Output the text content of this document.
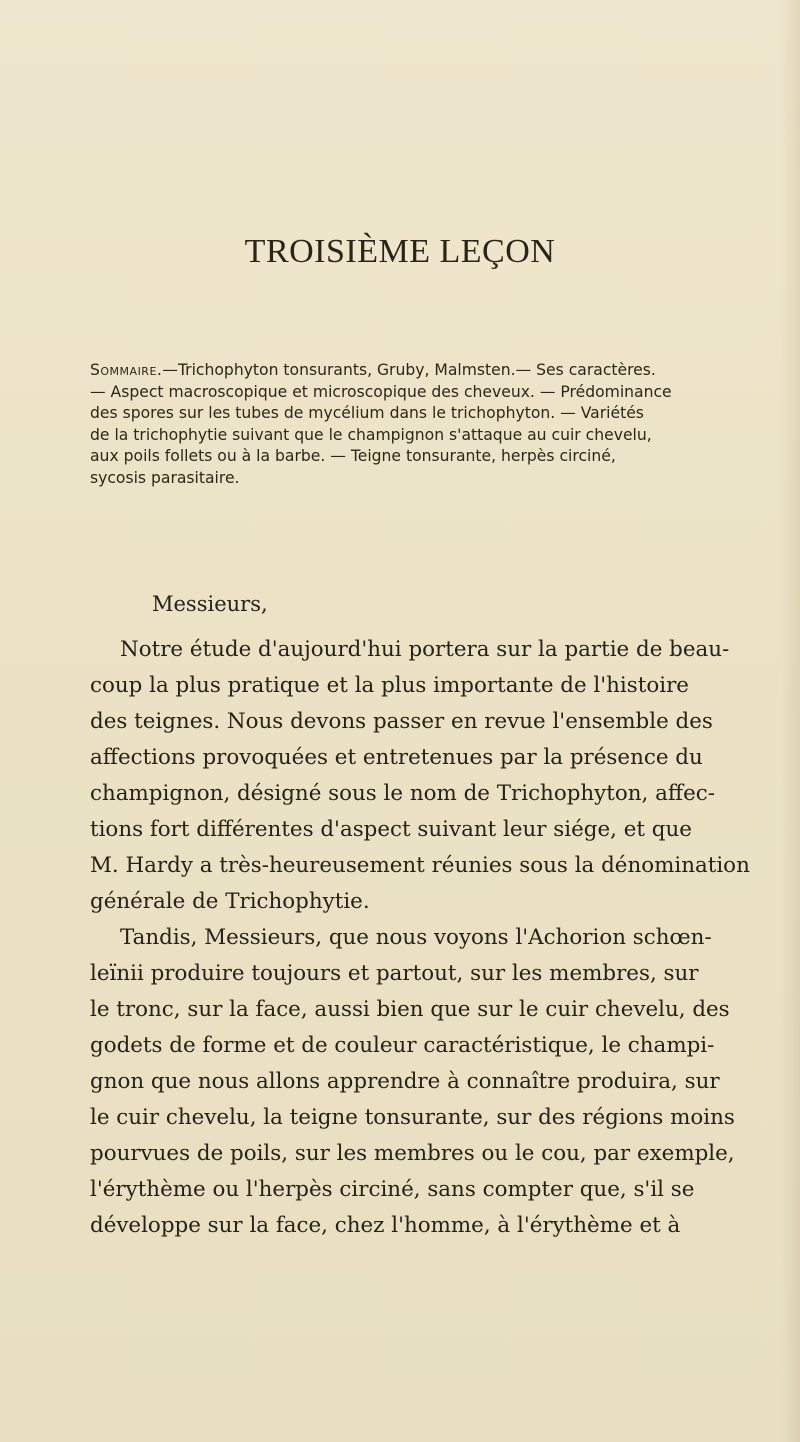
TROISIÈME LEÇON
Sommaire.—Trichophyton tonsurants, Gruby, Malmsten.— Ses caractères.
— Aspect macroscopique et microscopique des cheveux. — Prédominance
des spores sur les tubes de mycélium dans le trichophyton. — Variétés
de la trichophytie suivant que le champignon s'attaque au cuir chevelu,
aux poils follets ou à la barbe. — Teigne tonsurante, herpès circiné,
sycosis parasitaire.
Messieurs,
Notre étude d'aujourd'hui portera sur la partie de beau-
coup la plus pratique et la plus importante de l'histoire
des teignes. Nous devons passer en revue l'ensemble des
affections provoquées et entretenues par la présence du
champignon, désigné sous le nom de Trichophyton, affec-
tions fort différentes d'aspect suivant leur siége, et que
M. Hardy a très-heureusement réunies sous la dénomination
générale de Trichophytie.
Tandis, Messieurs, que nous voyons l'Achorion schœn-
leïnii produire toujours et partout, sur les membres, sur
le tronc, sur la face, aussi bien que sur le cuir chevelu, des
godets de forme et de couleur caractéristique, le champi-
gnon que nous allons apprendre à connaître produira, sur
le cuir chevelu, la teigne tonsurante, sur des régions moins
pourvues de poils, sur les membres ou le cou, par exemple,
l'érythème ou l'herpès circiné, sans compter que, s'il se
développe sur la face, chez l'homme, à l'érythème et à
